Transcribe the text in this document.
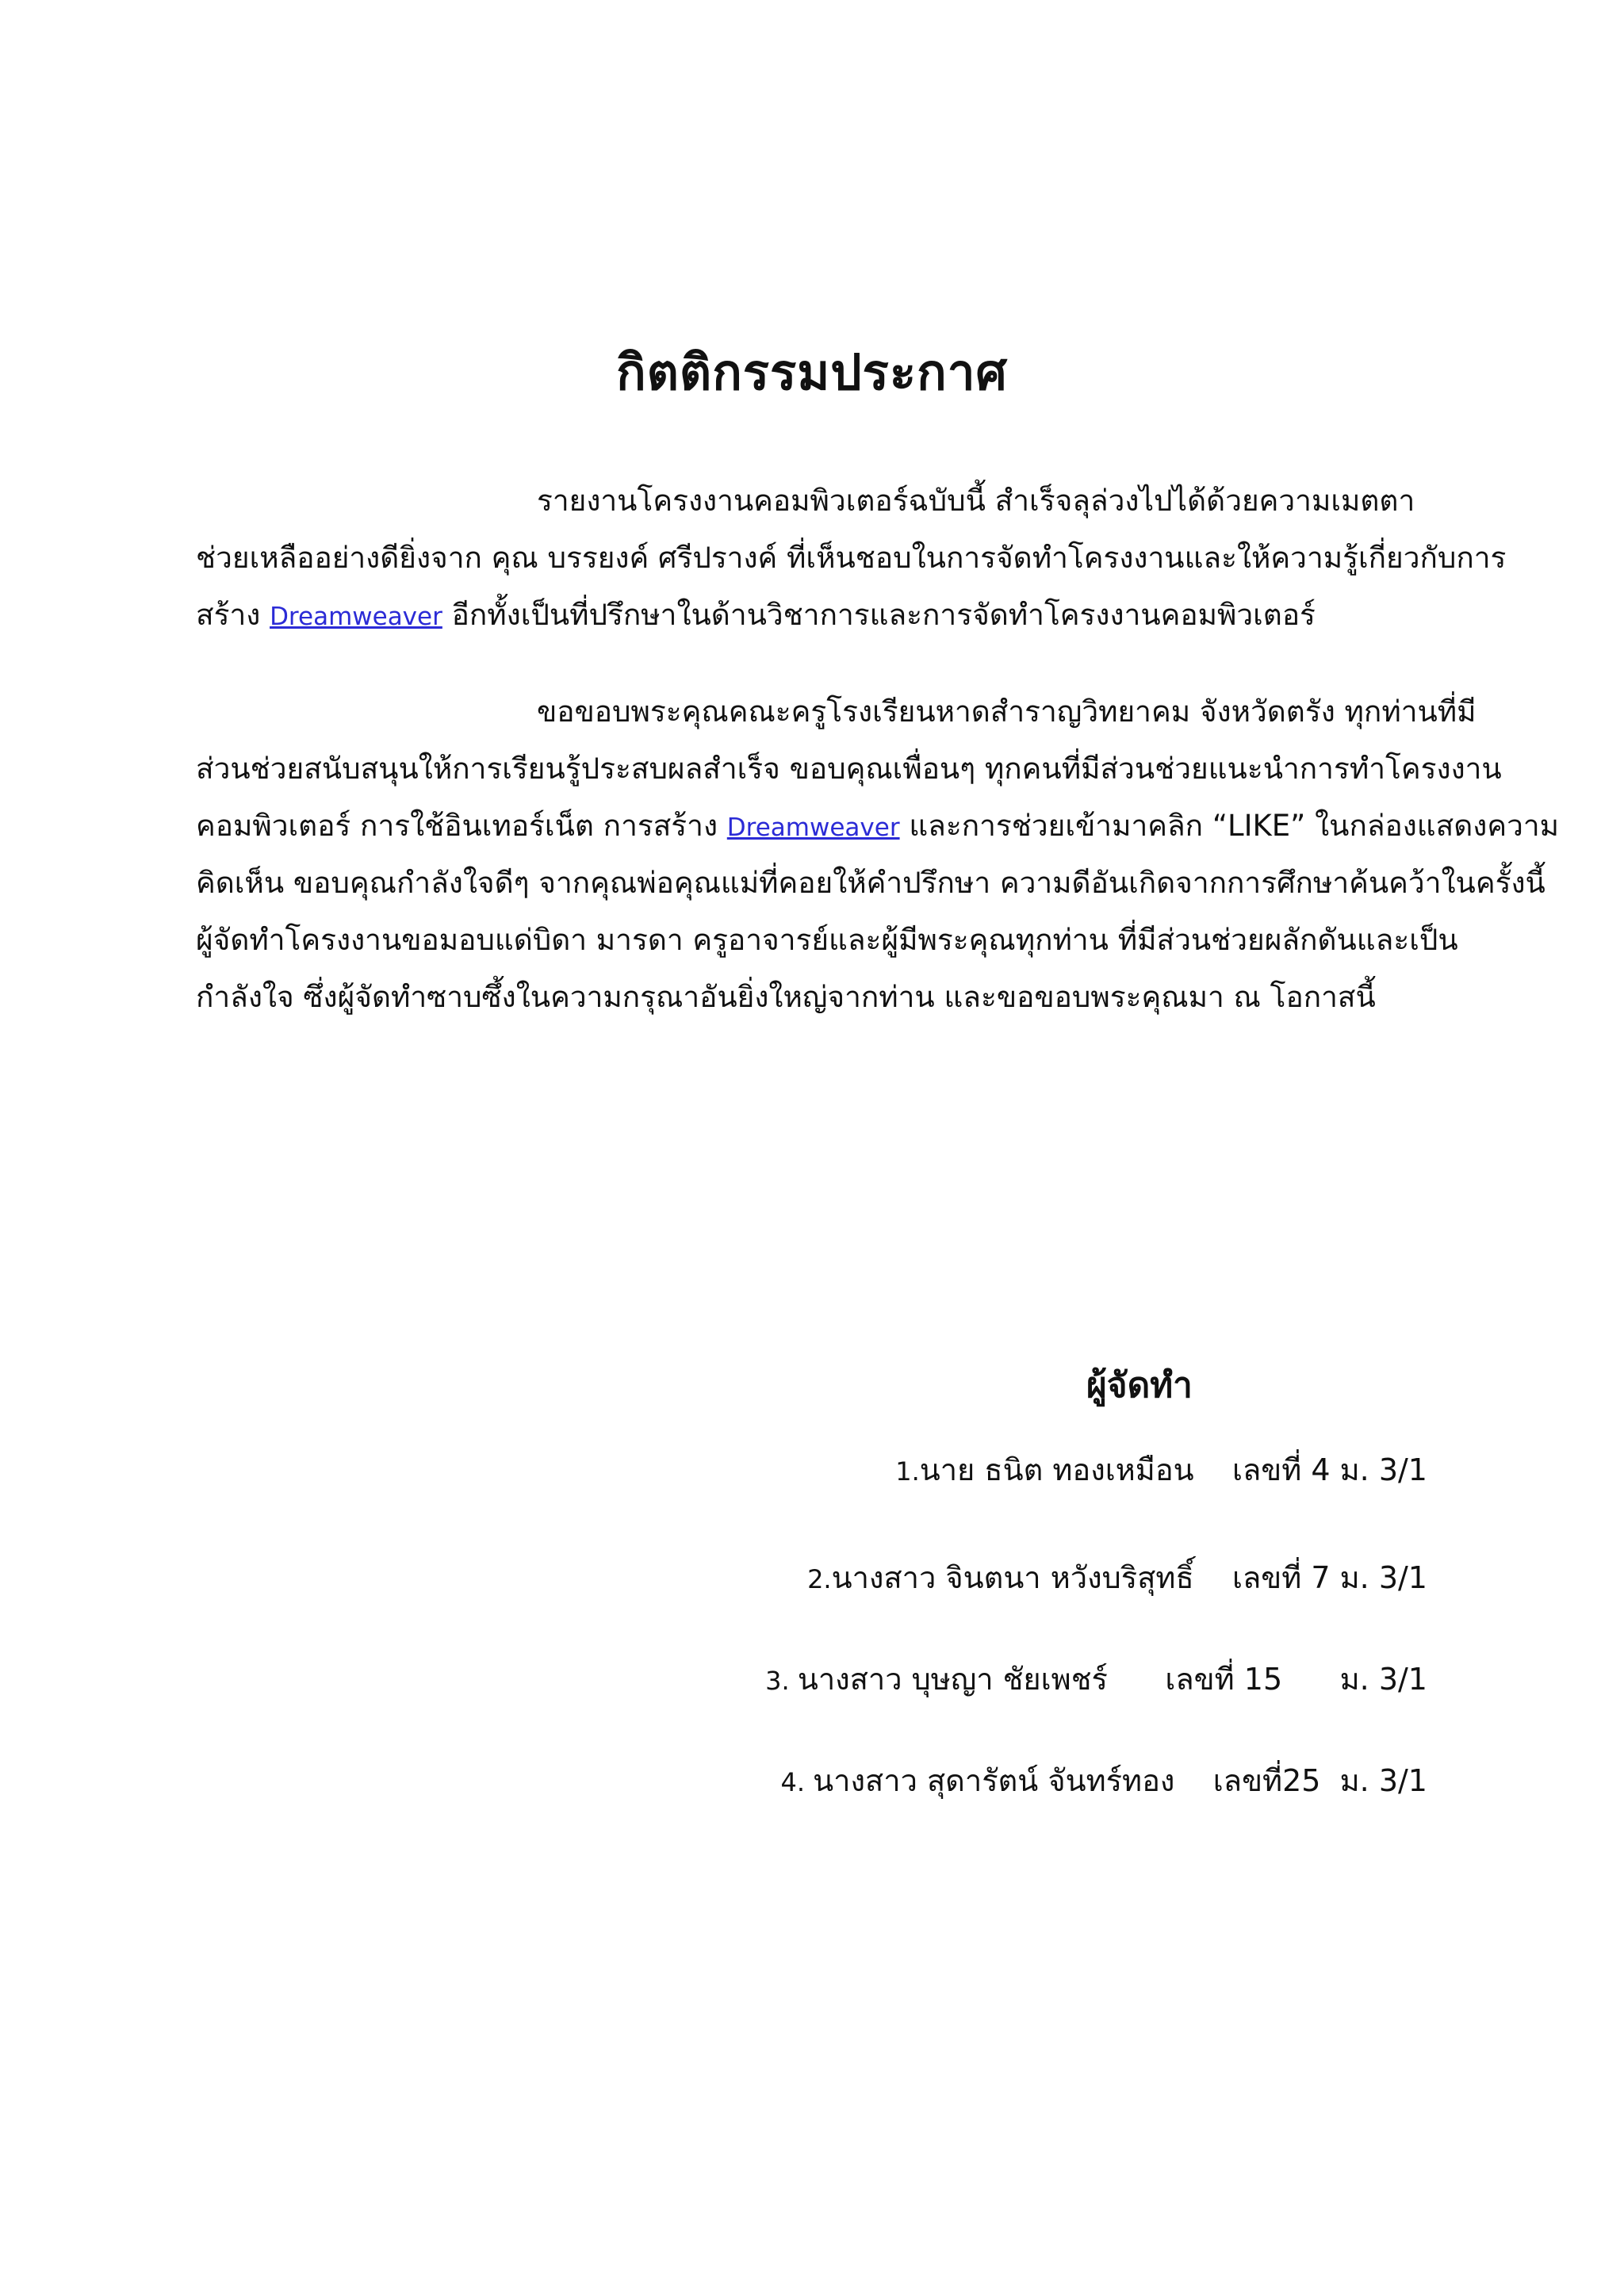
กิตติกรรมประกาศ
รายงานโครงงานคอมพิวเตอร์ฉบับนี้ สำเร็จลุล่วงไปได้ด้วยความเมตตา
ช่วยเหลืออย่างดียิ่งจาก คุณ บรรยงค์ ศรีปรางค์ ที่เห็นชอบในการจัดทำโครงงานและให้ความรู้เกี่ยวกับการ
สร้าง Dreamweaver อีกทั้งเป็นที่ปรึกษาในด้านวิชาการและการจัดทำโครงงานคอมพิวเตอร์
ขอขอบพระคุณคณะครูโรงเรียนหาดสำราญวิทยาคม จังหวัดตรัง ทุกท่านที่มี
ส่วนช่วยสนับสนุนให้การเรียนรู้ประสบผลสำเร็จ ขอบคุณเพื่อนๆ ทุกคนที่มีส่วนช่วยแนะนำการทำโครงงาน
คอมพิวเตอร์ การใช้อินเทอร์เน็ต การสร้าง Dreamweaver และการช่วยเข้ามาคลิก “LIKE” ในกล่องแสดงความ
คิดเห็น ขอบคุณกำลังใจดีๆ จากคุณพ่อคุณแม่ที่คอยให้คำปรึกษา ความดีอันเกิดจากการศึกษาค้นคว้าในครั้งนี้
ผู้จัดทำโครงงานขอมอบแด่บิดา มารดา ครูอาจารย์และผู้มีพระคุณทุกท่าน ที่มีส่วนช่วยผลักดันและเป็น
กำลังใจ ซึ่งผู้จัดทำซาบซึ้งในความกรุณาอันยิ่งใหญ่จากท่าน และขอขอบพระคุณมา ณ โอกาสนี้
ผู้จัดทำ
1.นาย ธนิต ทองเหมือน เลขที่ 4 ม. 3/1
2.นางสาว จินตนา หวังบริสุทธิ์ เลขที่ 7 ม. 3/1
3. นางสาว บุษญา ชัยเพชร์ เลขที่ 15 ม. 3/1
4. นางสาว สุดารัตน์ จันทร์ทอง เลขที่25 ม. 3/1
